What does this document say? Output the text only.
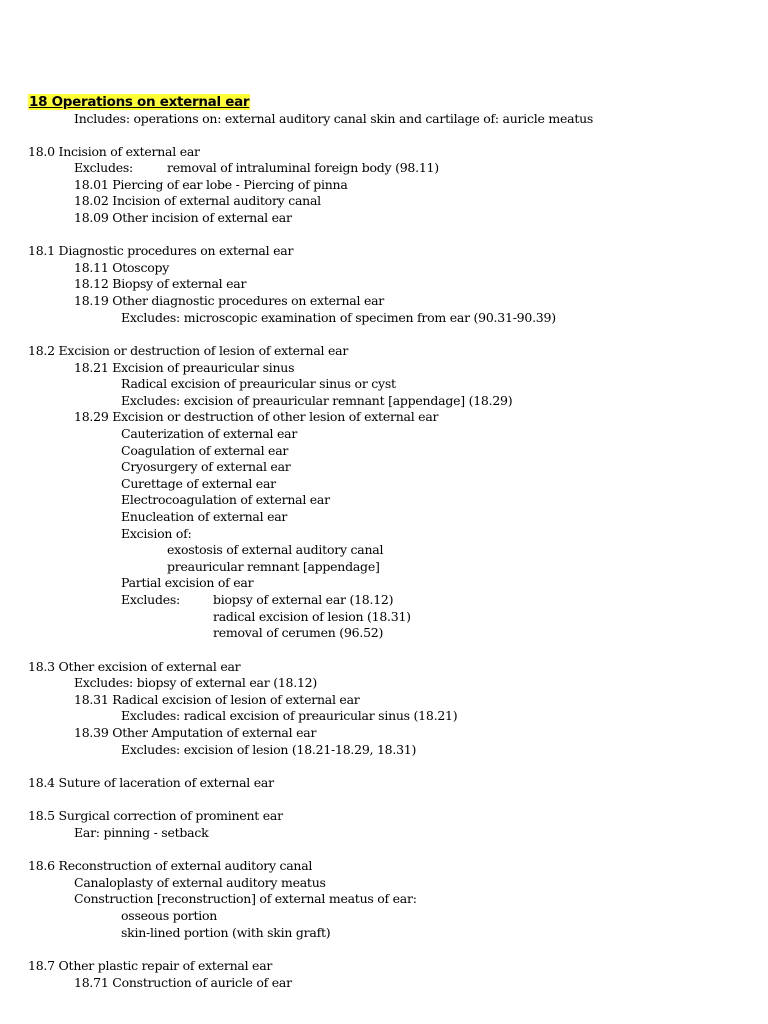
18 Operations on external ear
Includes: operations on: external auditory canal skin and cartilage of: auricle meatus
18.0 Incision of external ear
Excludes:	removal of intraluminal foreign body (98.11)
18.01 Piercing of ear lobe - Piercing of pinna
18.02 Incision of external auditory canal
18.09 Other incision of external ear
18.1 Diagnostic procedures on external ear
18.11 Otoscopy
18.12 Biopsy of external ear
18.19 Other diagnostic procedures on external ear
Excludes: microscopic examination of specimen from ear (90.31-90.39)
18.2 Excision or destruction of lesion of external ear
18.21 Excision of preauricular sinus
Radical excision of preauricular sinus or cyst
Excludes: excision of preauricular remnant [appendage] (18.29)
18.29 Excision or destruction of other lesion of external ear
Cauterization of external ear
Coagulation of external ear
Cryosurgery of external ear
Curettage of external ear
Electrocoagulation of external ear
Enucleation of external ear
Excision of:
exostosis of external auditory canal
preauricular remnant [appendage]
Partial excision of ear
Excludes:	biopsy of external ear (18.12)
radical excision of lesion (18.31)
removal of cerumen (96.52)
18.3 Other excision of external ear
Excludes: biopsy of external ear (18.12)
18.31 Radical excision of lesion of external ear
Excludes: radical excision of preauricular sinus (18.21)
18.39 Other Amputation of external ear
Excludes: excision of lesion (18.21-18.29, 18.31)
18.4 Suture of laceration of external ear
18.5 Surgical correction of prominent ear
Ear: pinning - setback
18.6 Reconstruction of external auditory canal
Canaloplasty of external auditory meatus
Construction [reconstruction] of external meatus of ear:
osseous portion
skin-lined portion (with skin graft)
18.7 Other plastic repair of external ear
18.71 Construction of auricle of ear
